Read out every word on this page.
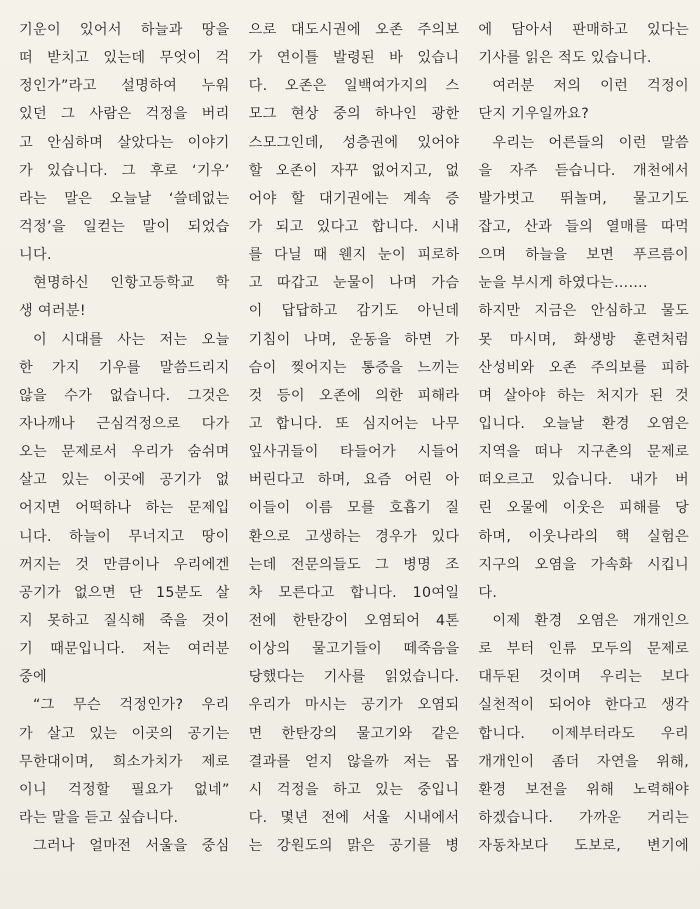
기운이 있어서 하늘과 땅을
떠 받치고 있는데 무엇이 걱
정인가”라고 설명하여 누워
있던 그 사람은 걱정을 버리
고 안심하며 살았다는 이야기
가 있습니다. 그 후로 ‘기우’
라는 말은 오늘날 ‘쓸데없는
걱정’을 일컫는 말이 되었습
니다.
현명하신 인항고등학교 학
생 여러분!
이 시대를 사는 저는 오늘
한 가지 기우를 말씀드리지
않을 수가 없습니다. 그것은
자나깨나 근심걱정으로 다가
오는 문제로서 우리가 숨쉬며
살고 있는 이곳에 공기가 없
어지면 어떡하나 하는 문제입
니다. 하늘이 무너지고 땅이
꺼지는 것 만큼이나 우리에겐
공기가 없으면 단 15분도 살
지 못하고 질식해 죽을 것이
기 때문입니다. 저는 여러분
중에
“그 무슨 걱정인가? 우리
가 살고 있는 이곳의 공기는
무한대이며, 희소가치가 제로
이니 걱정할 필요가 없네”
라는 말을 듣고 싶습니다.
그러나 얼마전 서울을 중심
으로 대도시권에 오존 주의보
가 연이틀 발령된 바 있습니
다. 오존은 일백여가지의 스
모그 현상 중의 하나인 광한
스모그인데, 성층권에 있어야
할 오존이 자꾸 없어지고, 없
어야 할 대기권에는 계속 증
가 되고 있다고 합니다. 시내
를 다닐 때 웬지 눈이 피로하
고 따갑고 눈물이 나며 가슴
이 답답하고 감기도 아닌데
기침이 나며, 운동을 하면 가
슴이 찢어지는 통증을 느끼는
것 등이 오존에 의한 피해라
고 합니다. 또 심지어는 나무
잎사귀들이 타들어가 시들어
버린다고 하며, 요즘 어린 아
이들이 이름 모를 호흡기 질
환으로 고생하는 경우가 있다
는데 전문의들도 그 병명 조
차 모른다고 합니다. 10여일
전에 한탄강이 오염되어 4톤
이상의 물고기들이 떼죽음을
당했다는 기사를 읽었습니다.
우리가 마시는 공기가 오염되
면 한탄강의 물고기와 같은
결과를 얻지 않을까 저는 몹
시 걱정을 하고 있는 중입니
다. 몇년 전에 서울 시내에서
는 강원도의 맑은 공기를 병
에 담아서 판매하고 있다는
기사를 읽은 적도 있습니다.
여러분 저의 이런 걱정이
단지 기우일까요?
우리는 어른들의 이런 말씀
을 자주 듣습니다. 개천에서
발가벗고 뛰놀며, 물고기도
잡고, 산과 들의 열매를 따먹
으며 하늘을 보면 푸르름이
눈을 부시게 하였다는…….
하지만 지금은 안심하고 물도
못 마시며, 화생방 훈련처럼
산성비와 오존 주의보를 피하
며 살아야 하는 처지가 된 것
입니다. 오늘날 환경 오염은
지역을 떠나 지구촌의 문제로
떠오르고 있습니다. 내가 버
린 오물에 이웃은 피해를 당
하며, 이웃나라의 핵 실험은
지구의 오염을 가속화 시킵니
다.
이제 환경 오염은 개개인으
로 부터 인류 모두의 문제로
대두된 것이며 우리는 보다
실천적이 되어야 한다고 생각
합니다. 이제부터라도 우리
개개인이 좀더 자연을 위해,
환경 보전을 위해 노력해야
하겠습니다. 가까운 거리는
자동차보다 도보로, 변기에
